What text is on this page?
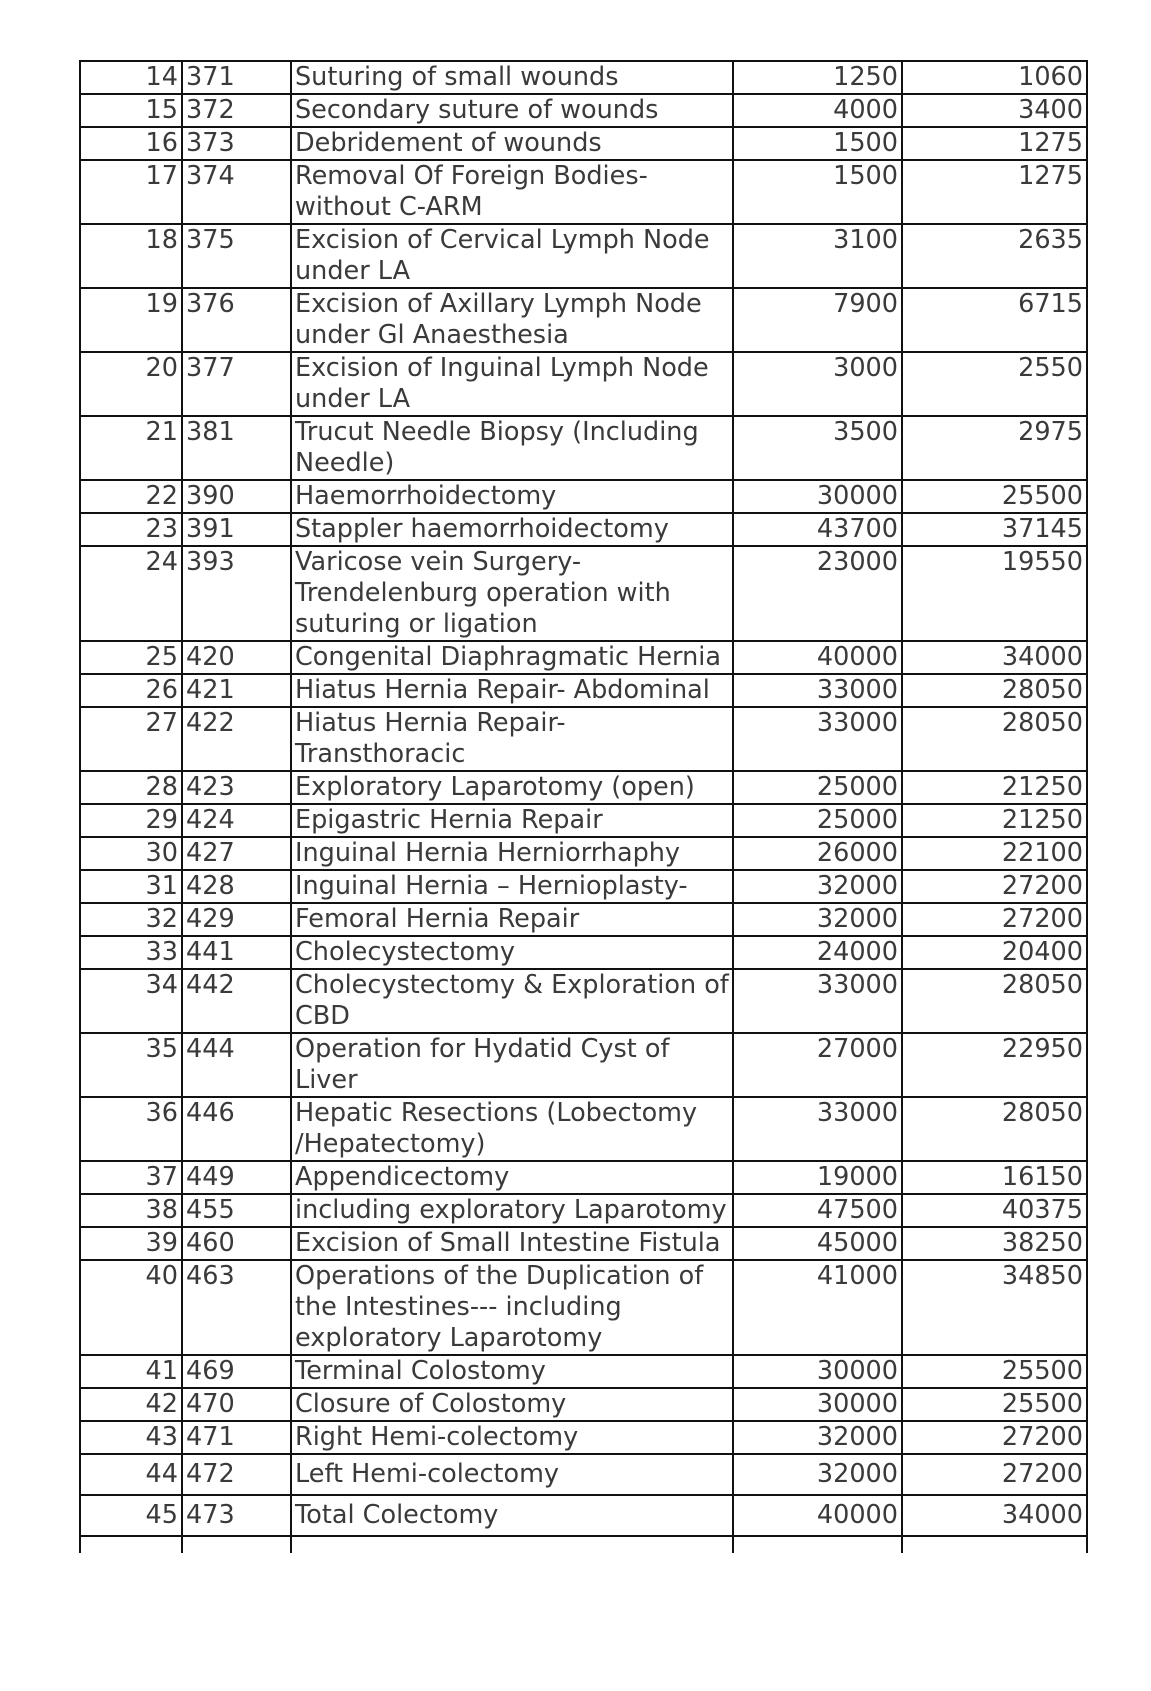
14	371	Suturing of small wounds	1250	1060
15	372	Secondary suture of wounds	4000	3400
16	373	Debridement of wounds	1500	1275
17	374	Removal Of Foreign Bodies-without C-ARM	1500	1275
18	375	Excision of Cervical Lymph Node under LA	3100	2635
19	376	Excision of Axillary Lymph Node under Gl Anaesthesia	7900	6715
20	377	Excision of Inguinal Lymph Node under LA	3000	2550
21	381	Trucut Needle Biopsy (Including Needle)	3500	2975
22	390	Haemorrhoidectomy	30000	25500
23	391	Stappler haemorrhoidectomy	43700	37145
24	393	Varicose vein Surgery-Trendelenburg operation with suturing or ligation	23000	19550
25	420	Congenital Diaphragmatic Hernia	40000	34000
26	421	Hiatus Hernia Repair- Abdominal	33000	28050
27	422	Hiatus Hernia Repair-Transthoracic	33000	28050
28	423	Exploratory Laparotomy (open)	25000	21250
29	424	Epigastric Hernia Repair	25000	21250
30	427	Inguinal Hernia Herniorrhaphy	26000	22100
31	428	Inguinal Hernia – Hernioplasty-	32000	27200
32	429	Femoral Hernia Repair	32000	27200
33	441	Cholecystectomy	24000	20400
34	442	Cholecystectomy & Exploration of CBD	33000	28050
35	444	Operation for Hydatid Cyst of Liver	27000	22950
36	446	Hepatic Resections (Lobectomy /Hepatectomy)	33000	28050
37	449	Appendicectomy	19000	16150
38	455	including exploratory Laparotomy	47500	40375
39	460	Excision of Small Intestine Fistula	45000	38250
40	463	Operations of the Duplication of the Intestines--- including exploratory Laparotomy	41000	34850
41	469	Terminal Colostomy	30000	25500
42	470	Closure of Colostomy	30000	25500
43	471	Right Hemi-colectomy	32000	27200
44	472	Left Hemi-colectomy	32000	27200
45	473	Total Colectomy	40000	34000
